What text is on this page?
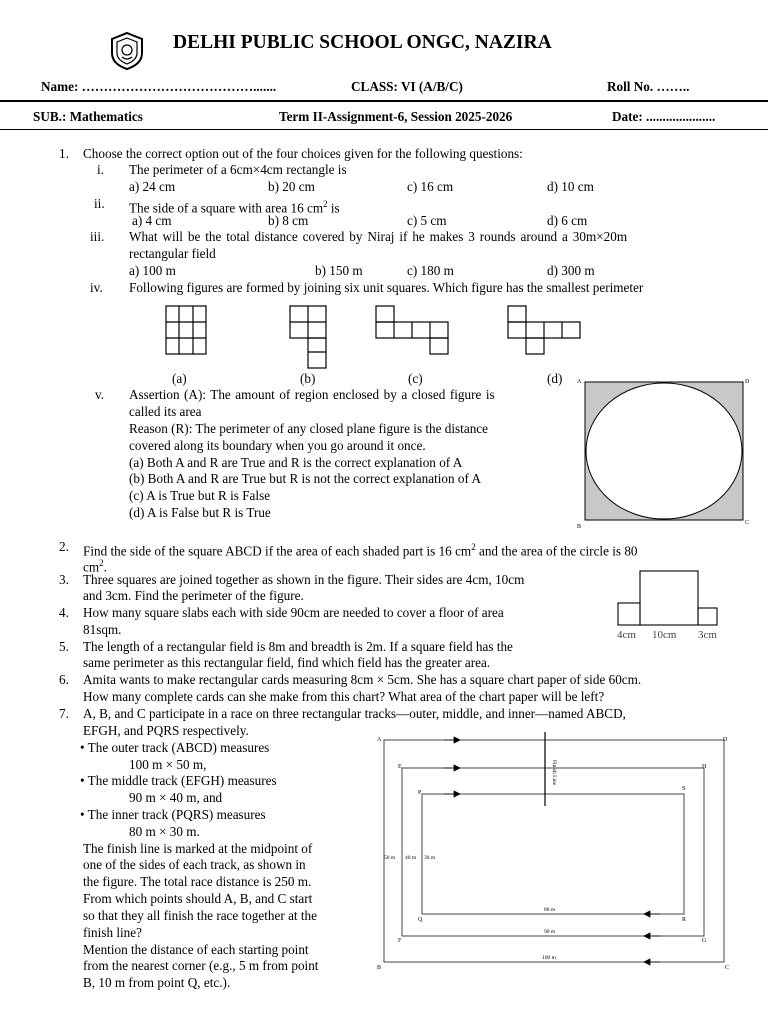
DELHI PUBLIC SCHOOL ONGC, NAZIRA
Name: ………………………………….......	CLASS: VI (A/B/C)	Roll No. ……..
SUB.: Mathematics	Term II-Assignment-6, Session 2025-2026	Date: .....................
1. Choose the correct option out of the four choices given for the following questions:
i. The perimeter of a 6cm×4cm rectangle is
a) 24 cm	b) 20 cm	c) 16 cm	d) 10 cm
ii. The side of a square with area 16 $cm^2$ is
a) 4 cm	b) 8 cm	c) 5 cm	d) 6 cm
iii. What will be the total distance covered by Niraj if he makes 3 rounds around a 30m×20m
rectangular field
a) 100 m	b) 150 m	c) 180 m	d) 300 m
iv. Following figures are formed by joining six unit squares. Which figure has the smallest perimeter
(a)	(b)	(c)	(d)
v. Assertion (A): The amount of region enclosed by a closed figure is
called its area
Reason (R): The perimeter of any closed plane figure is the distance
covered along its boundary when you go around it once.
(a) Both A and R are True and R is the correct explanation of A
(b) Both A and R are True but R is not the correct explanation of A
(c) A is True but R is False
(d) A is False but R is True
A	D
B
C
2. Find the side of the square ABCD if the area of each shaded part is 16 $cm^2$ and the area of the circle is 80
$cm^2$.
3. Three squares are joined together as shown in the figure. Their sides are 4cm, 10cm
and 3cm. Find the perimeter of the figure.
4cm 10cm 3cm
4. How many square slabs each with side 90cm are needed to cover a floor of area
81sqm.
5. The length of a rectangular field is 8m and breadth is 2m. If a square field has the
same perimeter as this rectangular field, find which field has the greater area.
6. Amita wants to make rectangular cards measuring 8cm × 5cm. She has a square chart paper of side 60cm.
How many complete cards can she make from this chart? What area of the chart paper will be left?
7. A, B, and C participate in a race on three rectangular tracks—outer, middle, and inner—named ABCD,
EFGH, and PQRS respectively.
• The outer track (ABCD) measures
100 m × 50 m,
• The middle track (EFGH) measures
90 m × 40 m, and
• The inner track (PQRS) measures
80 m × 30 m.
The finish line is marked at the midpoint of
one of the sides of each track, as shown in
the figure. The total race distance is 250 m.
From which points should A, B, and C start
so that they all finish the race together at the
finish line?
Mention the distance of each starting point
from the nearest corner (e.g., 5 m from point
B, 10 m from point Q, etc.).
Finish Line
A	D
E	H
P
S
Q	R
F	G
B	C
50 m 40 m 30 m
80 m
90 m
100 m
